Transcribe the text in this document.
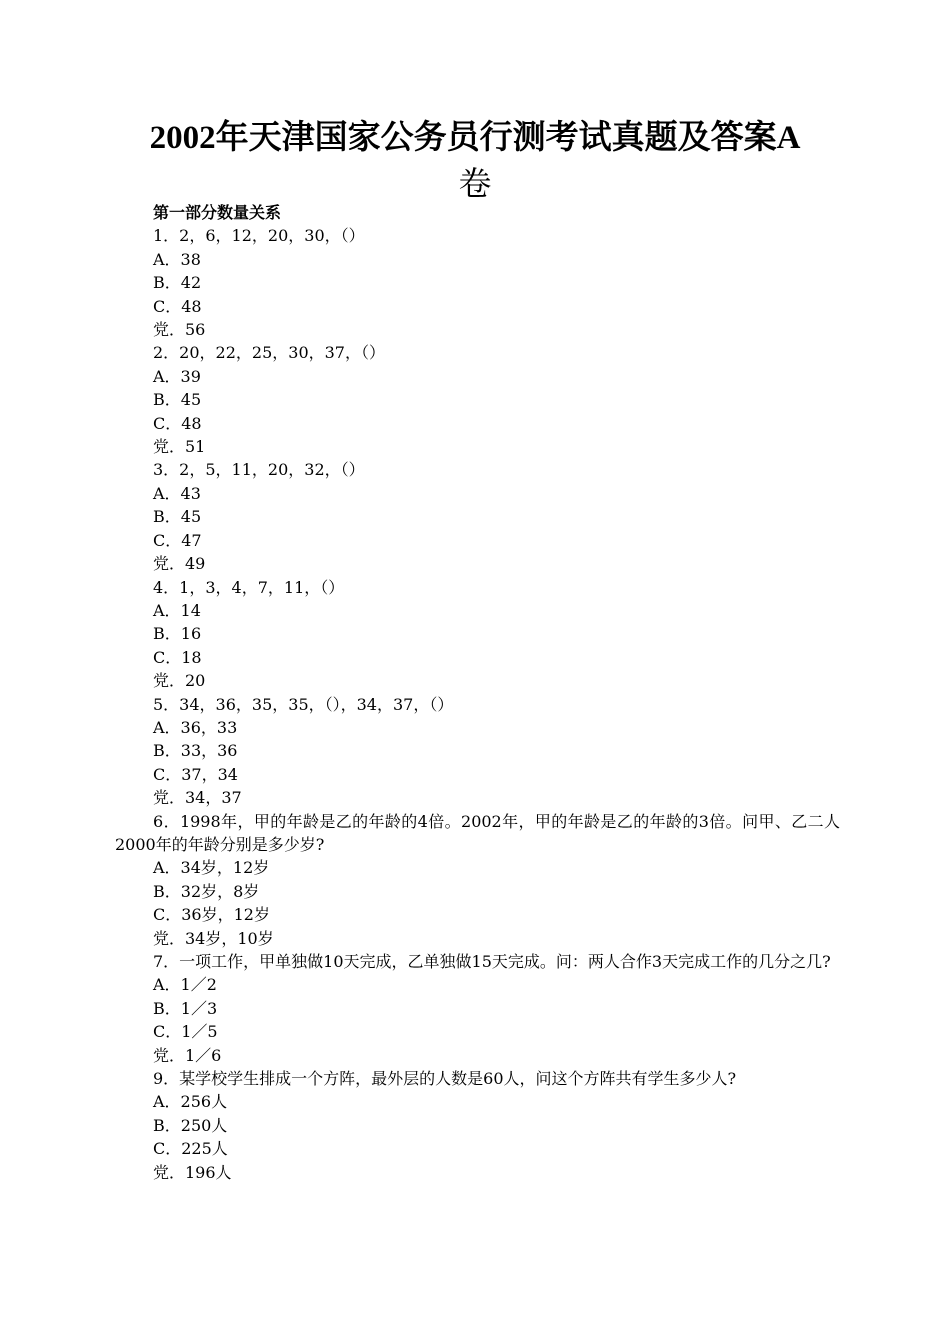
2002年天津国家公务员行测考试真题及答案A
卷
第一部分数量关系
1．2，6，12，20，30，（）
A．38
B．42
C．48
党．56
2．20，22，25，30，37，（）
A．39
B．45
C．48
党．51
3．2，5，11，20，32，（）
A．43
B．45
C．47
党．49
4．1，3，4，7，11，（）
A．14
B．16
C．18
党．20
5．34，36，35，35，（），34，37，（）
A．36，33
B．33，36
C．37，34
党．34，37
6．1998年，甲的年龄是乙的年龄的4倍。2002年，甲的年龄是乙的年龄的3倍。问甲、乙二人2000年的年龄分别是多少岁?
A．34岁，12岁
B．32岁，8岁
C．36岁，12岁
党．34岁，10岁
7．一项工作，甲单独做10天完成，乙单独做15天完成。问：两人合作3天完成工作的几分之几?
A．1／2
B．1／3
C．1／5
党．1／6
9．某学校学生排成一个方阵，最外层的人数是60人，问这个方阵共有学生多少人?
A．256人
B．250人
C．225人
党．196人
